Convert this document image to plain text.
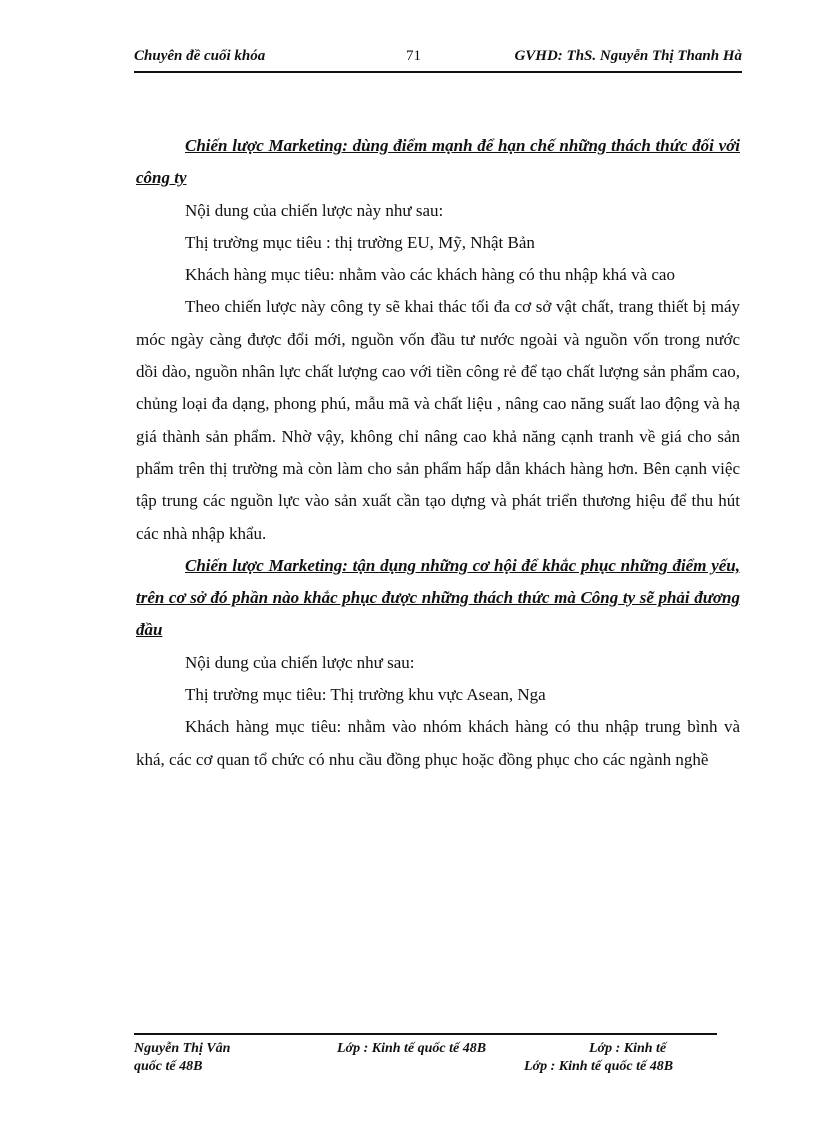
Chuyên đề cuối khóa	71	GVHD: ThS. Nguyễn Thị Thanh Hà

Chiến lược Marketing: dùng điểm mạnh để hạn chế những thách thức đối với công ty

Nội dung của chiến lược này như sau:

Thị trường mục tiêu : thị trường EU, Mỹ, Nhật Bản

Khách hàng mục tiêu: nhằm vào các khách hàng có thu nhập khá và cao

Theo chiến lược này công ty sẽ khai thác tối đa cơ sở vật chất, trang thiết bị máy móc ngày càng được đổi mới, nguồn vốn đầu tư nước ngoài và nguồn vốn trong nước dồi dào, nguồn nhân lực chất lượng cao với tiền công rẻ để tạo chất lượng sản phẩm cao, chủng loại đa dạng, phong phú, mẫu mã và chất liệu , nâng cao năng suất lao động và hạ giá thành sản phẩm. Nhờ vậy, không chỉ nâng cao khả năng cạnh tranh về giá cho sản phẩm trên thị trường mà còn làm cho sản phẩm hấp dẫn khách hàng hơn. Bên cạnh việc tập trung các nguồn lực vào sản xuất cần tạo dựng và phát triển thương hiệu để thu hút các nhà nhập khẩu.

Chiến lược Marketing: tận dụng những cơ hội để khắc phục những điểm yếu, trên cơ sở đó phần nào khắc phục được những thách thức mà Công ty sẽ phải đương đầu

Nội dung của chiến lược như sau:

Thị trường mục tiêu: Thị trường khu vực Asean, Nga

Khách hàng mục tiêu: nhằm vào nhóm khách hàng có thu nhập trung bình và khá, các cơ quan tổ chức có nhu cầu đồng phục hoặc đồng phục cho các ngành nghề

Nguyễn Thị Vân	Lớp : Kinh tế quốc tế 48B	Lớp : Kinh tế
quốc tế 48B	Lớp : Kinh tế quốc tế 48B
